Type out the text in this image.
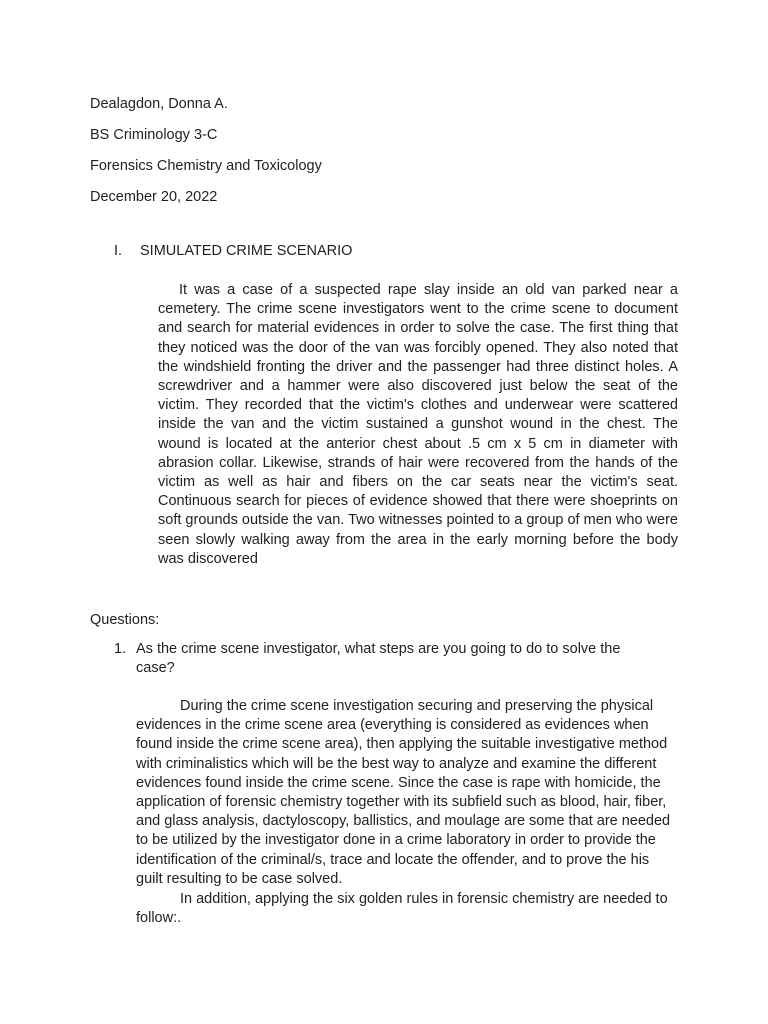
Dealagdon, Donna A.
BS Criminology 3-C
Forensics Chemistry and Toxicology
December 20, 2022
I. SIMULATED CRIME SCENARIO

It was a case of a suspected rape slay inside an old van parked near a cemetery. The crime scene investigators went to the crime scene to document and search for material evidences in order to solve the case. The first thing that they noticed was the door of the van was forcibly opened. They also noted that the windshield fronting the driver and the passenger had three distinct holes. A screwdriver and a hammer were also discovered just below the seat of the victim. They recorded that the victim's clothes and underwear were scattered inside the van and the victim sustained a gunshot wound in the chest. The wound is located at the anterior chest about .5 cm x 5 cm in diameter with abrasion collar. Likewise, strands of hair were recovered from the hands of the victim as well as hair and fibers on the car seats near the victim's seat. Continuous search for pieces of evidence showed that there were shoeprints on soft grounds outside the van. Two witnesses pointed to a group of men who were seen slowly walking away from the area in the early morning before the body was discovered

Questions:
1. As the crime scene investigator, what steps are you going to do to solve the case?

During the crime scene investigation securing and preserving the physical evidences in the crime scene area (everything is considered as evidences when found inside the crime scene area), then applying the suitable investigative method with criminalistics which will be the best way to analyze and examine the different evidences found inside the crime scene. Since the case is rape with homicide, the application of forensic chemistry together with its subfield such as blood, hair, fiber, and glass analysis, dactyloscopy, ballistics, and moulage are some that are needed to be utilized by the investigator done in a crime laboratory in order to provide the identification of the criminal/s, trace and locate the offender, and to prove the his guilt resulting to be case solved.

In addition, applying the six golden rules in forensic chemistry are needed to follow:.
